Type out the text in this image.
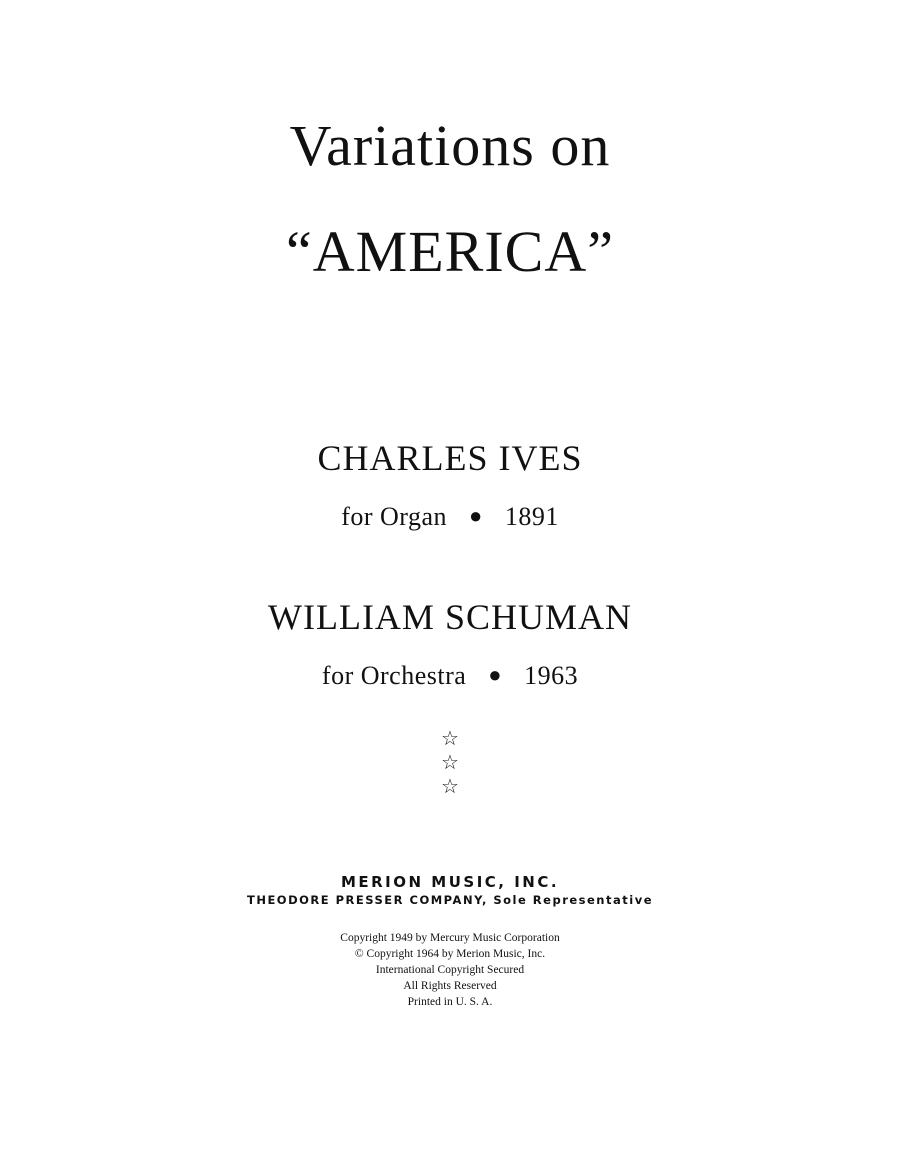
Variations on
“AMERICA”
CHARLES IVES
for Organ ● 1891
WILLIAM SCHUMAN
for Orchestra ● 1963
☆
☆
☆
MERION MUSIC, INC.
THEODORE PRESSER COMPANY, Sole Representative
Copyright 1949 by Mercury Music Corporation
© Copyright 1964 by Merion Music, Inc.
International Copyright Secured
All Rights Reserved
Printed in U. S. A.
